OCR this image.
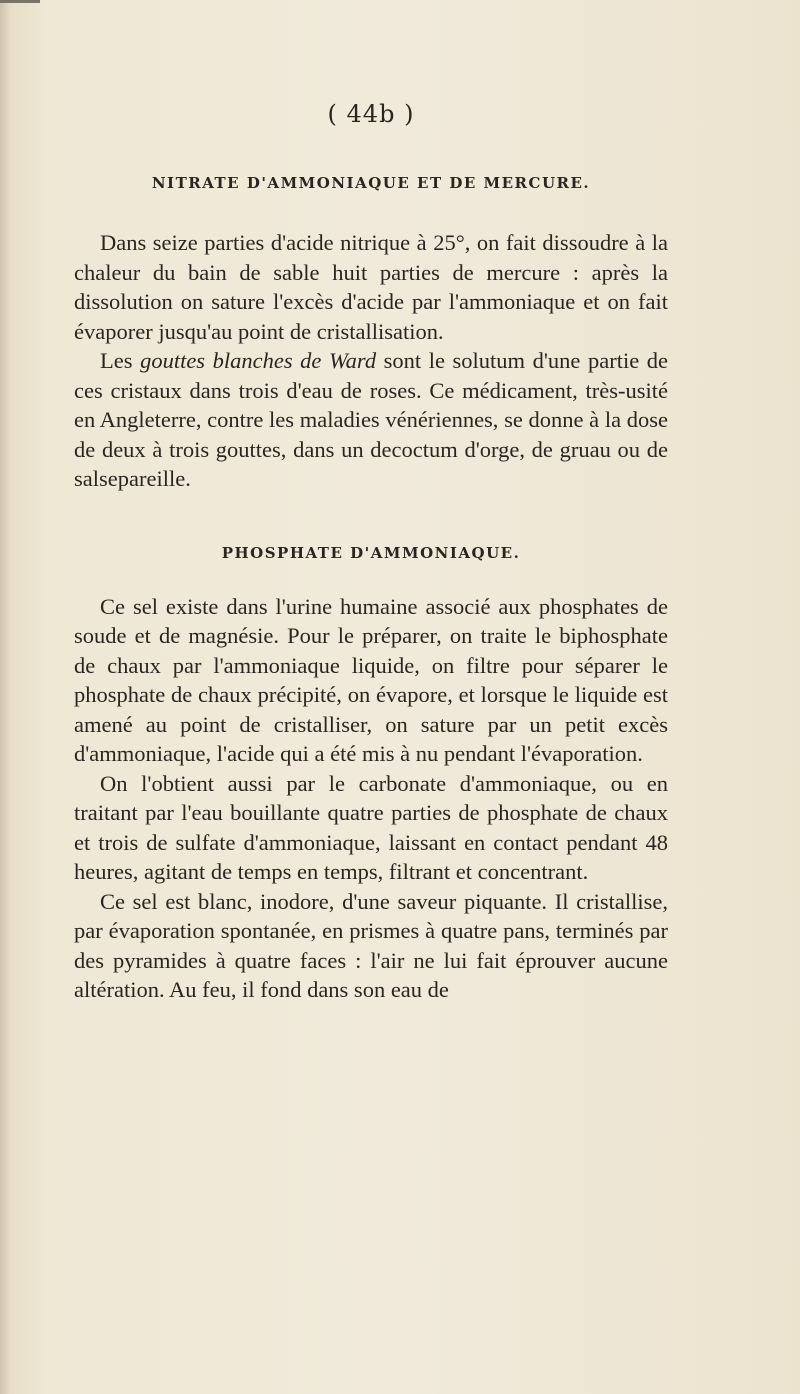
( 44b )
NITRATE D'AMMONIAQUE ET DE MERCURE.

Dans seize parties d'acide nitrique à 25°, on fait dissoudre à la chaleur du bain de sable huit parties de mercure : après la dissolution on sature l'excès d'acide par l'ammoniaque et on fait évaporer jusqu'au point de cristallisation.

Les gouttes blanches de Ward sont le solutum d'une partie de ces cristaux dans trois d'eau de roses. Ce médicament, très-usité en Angleterre, contre les maladies vénériennes, se donne à la dose de deux à trois gouttes, dans un decoctum d'orge, de gruau ou de salsepareille.

PHOSPHATE D'AMMONIAQUE.

Ce sel existe dans l'urine humaine associé aux phosphates de soude et de magnésie. Pour le préparer, on traite le biphosphate de chaux par l'ammoniaque liquide, on filtre pour séparer le phosphate de chaux précipité, on évapore, et lorsque le liquide est amené au point de cristalliser, on sature par un petit excès d'ammoniaque, l'acide qui a été mis à nu pendant l'évaporation.

On l'obtient aussi par le carbonate d'ammoniaque, ou en traitant par l'eau bouillante quatre parties de phosphate de chaux et trois de sulfate d'ammoniaque, laissant en contact pendant 48 heures, agitant de temps en temps, filtrant et concentrant.

Ce sel est blanc, inodore, d'une saveur piquante. Il cristallise, par évaporation spontanée, en prismes à quatre pans, terminés par des pyramides à quatre faces : l'air ne lui fait éprouver aucune altération. Au feu, il fond dans son eau de
